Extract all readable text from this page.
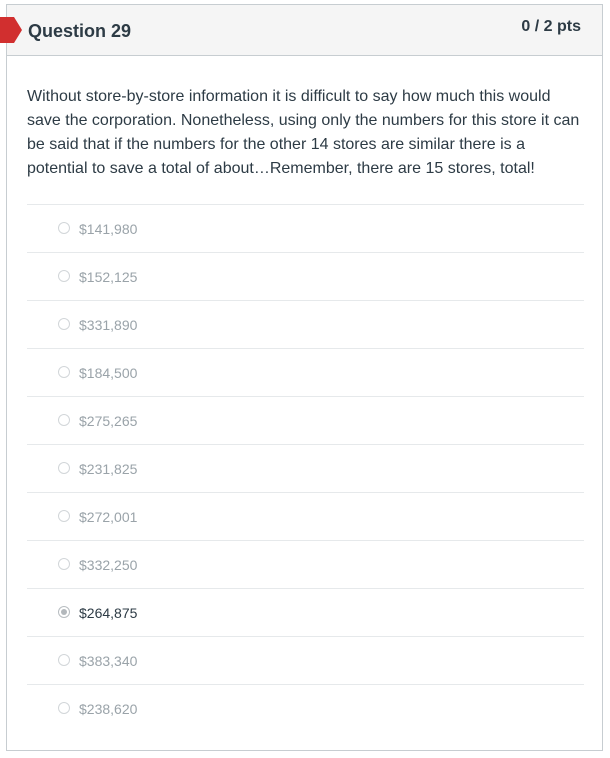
Question 29	0 / 2 pts

Without store-by-store information it is difficult to say how much this would save the corporation. Nonetheless, using only the numbers for this store it can be said that if the numbers for the other 14 stores are similar there is a potential to save a total of about…Remember, there are 15 stores, total!

$141,980
$152,125
$331,890
$184,500
$275,265
$231,825
$272,001
$332,250
$264,875
$383,340
$238,620
